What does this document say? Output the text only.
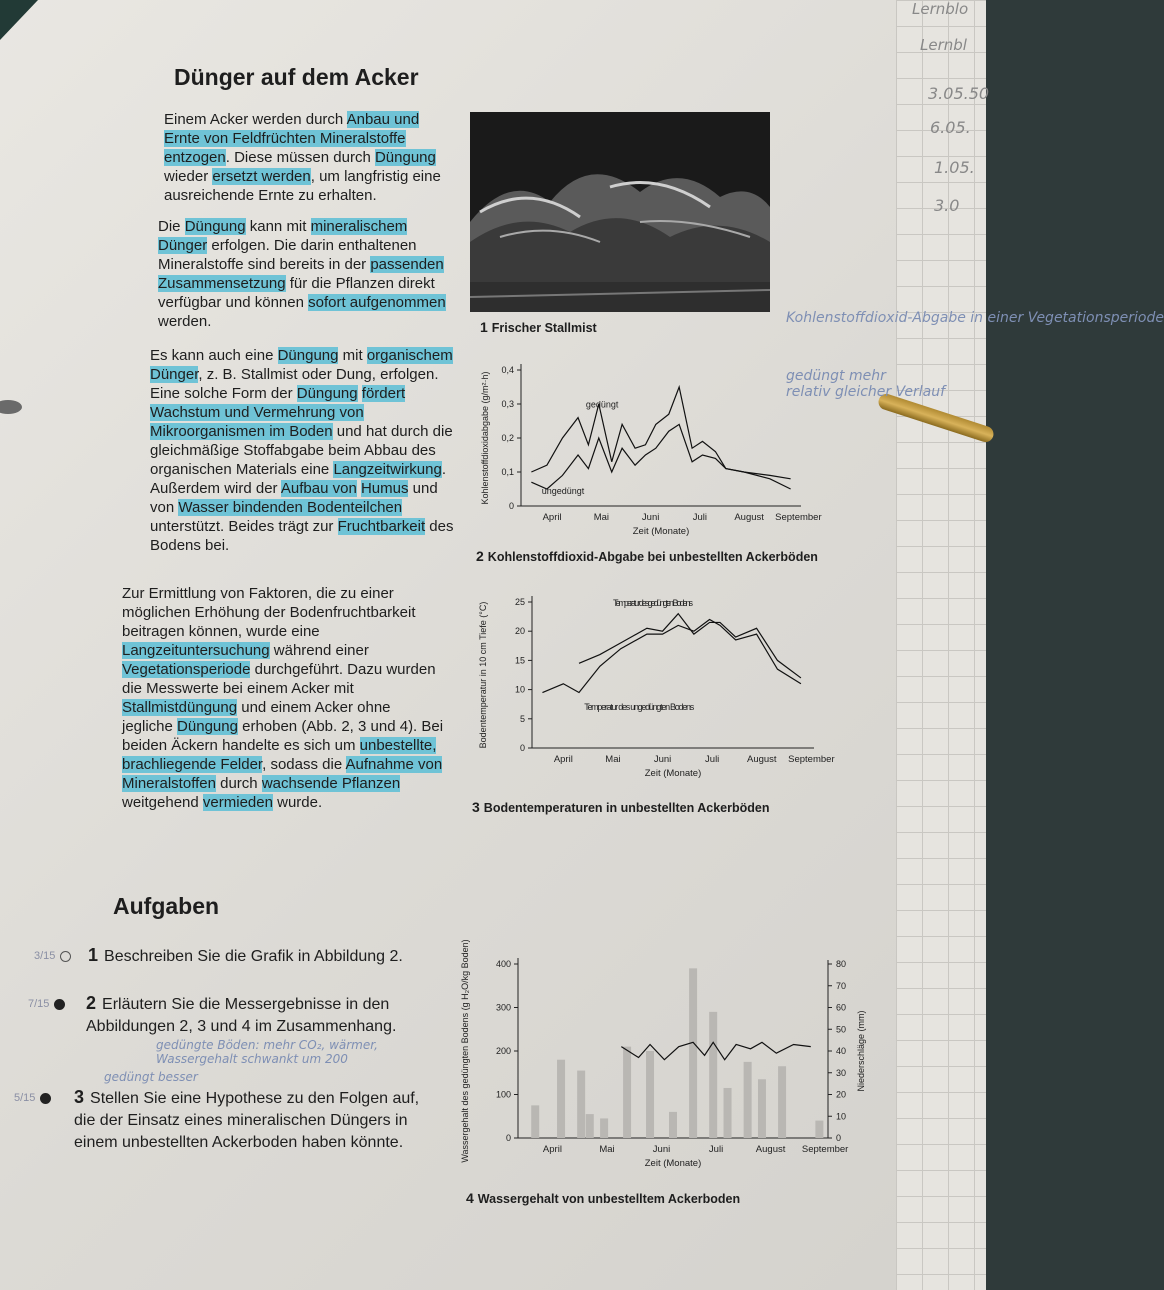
Lernblo
Lernbl
3.05.50
6.05.
1.05.
3.0
Dünger auf dem Acker

Einem Acker werden durch Anbau und Ernte von Feldfrüchten Mineralstoffe entzogen. Diese müssen durch Düngung wieder ersetzt werden, um langfristig eine ausreichende Ernte zu erhalten.

Die Düngung kann mit mineralischem Dünger erfolgen. Die darin enthaltenen Mineralstoffe sind bereits in der passenden Zusammensetzung für die Pflanzen direkt verfügbar und können sofort aufgenommen werden.

Es kann auch eine Düngung mit organischem Dünger, z. B. Stallmist oder Dung, erfolgen. Eine solche Form der Düngung fördert Wachstum und Vermehrung von Mikroorganismen im Boden und hat durch die gleichmäßige Stoffabgabe beim Abbau des organischen Materials eine Langzeitwirkung. Außerdem wird der Aufbau von Humus und von Wasser bindenden Bodenteilchen unterstützt. Beides trägt zur Fruchtbarkeit des Bodens bei.

Zur Ermittlung von Faktoren, die zu einer möglichen Erhöhung der Bodenfruchtbarkeit beitragen können, wurde eine Langzeituntersuchung während einer Vegetationsperiode durchgeführt. Dazu wurden die Messwerte bei einem Acker mit Stallmistdüngung und einem Acker ohne jegliche Düngung erhoben (Abb. 2, 3 und 4). Bei beiden Äckern handelte es sich um unbestellte, brachliegende Felder, sodass die Aufnahme von Mineralstoffen durch wachsende Pflanzen weitgehend vermieden wurde.

1 Frischer Stallmist
0
0,1
0,2
0,3
0,4
April	Mai	Juni	Juli	August September
Zeit (Monate)
Kohlenstoffdioxidabgabe (g/m²·h)	gedüngt
ungedüngt
2 Kohlenstoffdioxid-Abgabe bei unbestellten Ackerböden
Kohlenstoffdioxid-Abgabe in einer Vegetationsperiode
gedüngt mehr
relativ gleicher Verlauf
0
5
10
15
20
25
April	Mai	Juni	Juli	August September
Zeit (Monate)
Bodentemperatur in 10 cm Tiefe (°C)	Temperatur des gedüngten Bodens
Temperatur des ungedüngten Bodens
3 Bodentemperaturen in unbestellten Ackerböden
Aufgaben
3/15	1 Beschreiben Sie die Grafik in Abbildung 2.
7/15	2 Erläutern Sie die Messergebnisse in den Abbildungen 2, 3 und 4 im Zusammenhang.
gedüngte Böden: mehr CO₂, wärmer, Wassergehalt schwankt um 200
gedüngt besser
5/15	3 Stellen Sie eine Hypothese zu den Folgen auf, die der Einsatz eines mineralischen Düngers in einem unbestellten Ackerboden haben könnte.	0
100
200
300
400
April	Mai	Juni	Juli	August September
Zeit (Monate)
Wassergehalt des gedüngten Bodens (g H₂O/kg Boden)	0
10
20
30
40
50
60
70
80
Niederschläge (mm)
4 Wassergehalt von unbestelltem Ackerboden
